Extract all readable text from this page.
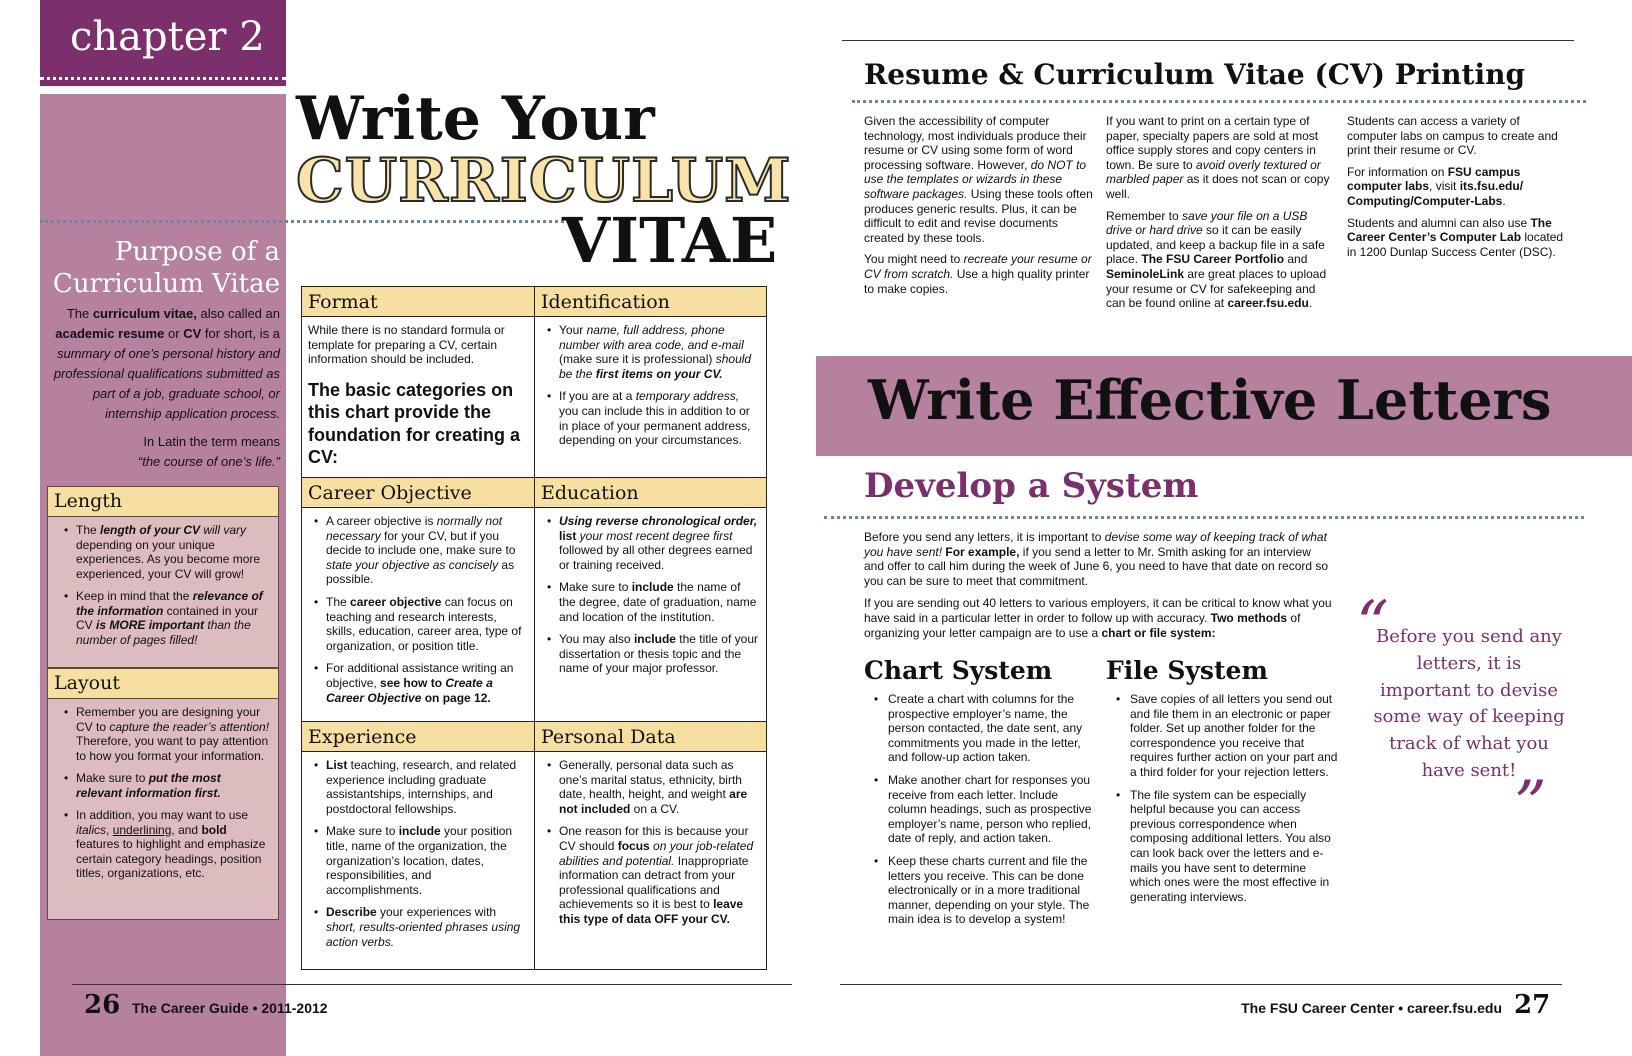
chapter 2
Write Your
CURRICULUM
VITAE
Purpose of a
Curriculum Vitae
The curriculum vitae, also called an academic resume or CV for short, is a summary of one’s personal history and professional qualifications submitted as part of a job, graduate school, or internship application process.
In Latin the term means
“the course of one’s life.”
Length
• The length of your CV will vary depending on your unique experiences. As you become more experienced, your CV will grow!
• Keep in mind that the relevance of the information contained in your CV is MORE important than the number of pages filled!
Layout
• Remember you are designing your CV to capture the reader’s attention! Therefore, you want to pay attention to how you format your information.
• Make sure to put the most relevant information first.
• In addition, you may want to use italics, underlining, and bold features to highlight and emphasize certain category headings, position titles, organizations, etc.
Format
While there is no standard formula or template for preparing a CV, certain information should be included.
The basic categories on this chart provide the foundation for creating a CV:
Identification
• Your name, full address, phone number with area code, and e-mail (make sure it is professional) should be the first items on your CV.
• If you are at a temporary address, you can include this in addition to or in place of your permanent address, depending on your circumstances.
Career Objective
• A career objective is normally not necessary for your CV, but if you decide to include one, make sure to state your objective as concisely as possible.
• The career objective can focus on teaching and research interests, skills, education, career area, type of organization, or position title.
• For additional assistance writing an objective, see how to Create a Career Objective on page 12.
Education
• Using reverse chronological order, list your most recent degree first followed by all other degrees earned or training received.
• Make sure to include the name of the degree, date of graduation, name and location of the institution.
• You may also include the title of your dissertation or thesis topic and the name of your major professor.
Experience
• List teaching, research, and related experience including graduate assistantships, internships, and postdoctoral fellowships.
• Make sure to include your position title, name of the organization, the organization’s location, dates, responsibilities, and accomplishments.
• Describe your experiences with short, results-oriented phrases using action verbs.
Personal Data
• Generally, personal data such as one’s marital status, ethnicity, birth date, health, height, and weight are not included on a CV.
• One reason for this is because your CV should focus on your job-related abilities and potential. Inappropriate information can detract from your professional qualifications and achievements so it is best to leave this type of data OFF your CV.
26 The Career Guide • 2011-2012
Resume & Curriculum Vitae (CV) Printing

Given the accessibility of computer technology, most individuals produce their resume or CV using some form of word processing software. However, do NOT to use the templates or wizards in these software packages. Using these tools often produces generic results. Plus, it can be difficult to edit and revise documents created by these tools.

You might need to recreate your resume or CV from scratch. Use a high quality printer to make copies.

If you want to print on a certain type of paper, specialty papers are sold at most office supply stores and copy centers in town. Be sure to avoid overly textured or marbled paper as it does not scan or copy well.

Remember to save your file on a USB drive or hard drive so it can be easily updated, and keep a backup file in a safe place. The FSU Career Portfolio and SeminoleLink are great places to upload your resume or CV for safekeeping and can be found online at career.fsu.edu.

Students can access a variety of computer labs on campus to create and print their resume or CV.

For information on FSU campus computer labs, visit its.fsu.edu/ Computing/Computer-Labs.

Students and alumni can also use The Career Center’s Computer Lab located in 1200 Dunlap Success Center (DSC).

Write Effective Letters
Develop a System

Before you send any letters, it is important to devise some way of keeping track of what you have sent! For example, if you send a letter to Mr. Smith asking for an interview and offer to call him during the week of June 6, you need to have that date on record so you can be sure to meet that commitment.

If you are sending out 40 letters to various employers, it can be critical to know what you have said in a particular letter in order to follow up with accuracy. Two methods of organizing your letter campaign are to use a chart or file system:

Chart System
• Create a chart with columns for the prospective employer’s name, the person contacted, the date sent, any commitments you made in the letter, and follow-up action taken.
• Make another chart for responses you receive from each letter. Include column headings, such as prospective employer’s name, person who replied, date of reply, and action taken.
• Keep these charts current and file the letters you receive. This can be done electronically or in a more traditional manner, depending on your style. The main idea is to develop a system!
File System
• Save copies of all letters you send out and file them in an electronic or paper folder. Set up another folder for the correspondence you receive that requires further action on your part and a third folder for your rejection letters.
• The file system can be especially helpful because you can access previous correspondence when composing additional letters. You also can look back over the letters and e-mails you have sent to determine which ones were the most effective in generating interviews.
“
Before you send any letters, it is important to devise some way of keeping track of what you have sent!
”
The FSU Career Center • career.fsu.edu 27
